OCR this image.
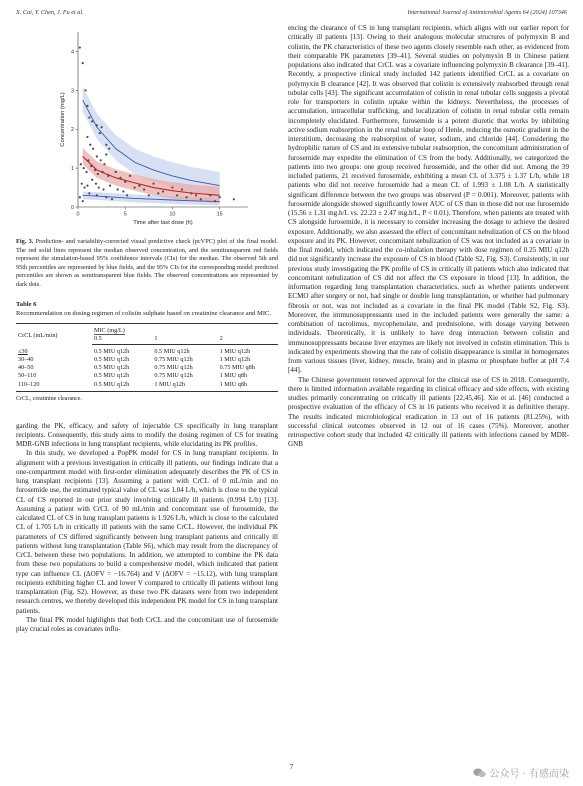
X. Cai, Y. Chen, J. Fu et al.	International Journal of Antimicrobial Agents 64 (2024) 107346
0
1
2
3
4
0	5	10	15
Time after last dose (h)
Concentration (mg/L)
Fig. 3. Prediction- and variability-corrected visual predictive check (pcVPC) plot of the final model. The red solid lines represent the median observed concentration, and the semitransparent red fields represent the simulation-based 95% confidence intervals (CIs) for the median. The observed 5th and 95th percentiles are represented by blue fields, and the 95% CIs for the corresponding model predicted percentiles are shown as semitransparent blue fields. The observed concentrations are represented by dark dots.
Table 6
Recommendation on dosing regimen of colistin sulphate based on creatinine clearance and MIC.
CrCL (mL/min)	MIC (mg/L)		
	0.5	1	2
≤30	0.5 MIU q12h	0.5 MIU q12h	1 MIU q12h
30–40	0.5 MIU q12h	0.75 MIU q12h	1 MIU q12h
40–50	0.5 MIU q12h	0.75 MIU q12h	0.75 MIU q8h
50–110	0.5 MIU q12h	0.75 MIU q12h	1 MIU q8h
110–120	0.5 MIU q12h	1 MIU q12h	1 MIU q8h
CrCL, creatinine clearance.

garding the PK, efficacy, and safety of injectable CS specifically in lung transplant recipients. Consequently, this study aims to modify the dosing regimen of CS for treating MDR-GNB infections in lung transplant recipients, while elucidating its PK profiles.

In this study, we developed a PopPK model for CS in lung transplant recipients. In alignment with a previous investigation in critically ill patients, our findings indicate that a one-compartment model with first-order elimination adequately describes the PK of CS in lung transplant recipients [13]. Assuming a patient with CrCL of 0 mL/min and no furosemide use, the estimated typical value of CL was 1.04 L/h, which is close to the typical CL of CS reported in our prior study involving critically ill patients (0.994 L/h) [13]. Assuming a patient with CrCL of 90 mL/min and concomitant use of furosemide, the calculated CL of CS in lung transplant patients is 1.926 L/h, which is close to the calculated CL of 1.705 L/h in critically ill patients with the same CrCL. However, the individual PK parameters of CS differed significantly between lung transplant patients and critically ill patients without lung transplantation (Table S6), which may result from the discrepancy of CrCL between these two populations. In addition, we attempted to combine the PK data from these two populations to build a comprehensive model, which indicated that patient type can influence CL (ΔOFV = −16.764) and V (ΔOFV = −15.12), with lung transplant recipients exhibiting higher CL and lower V compared to critically ill patients without lung transplantation (Fig. S2). However, as these two PK datasets were from two independent research centres, we thereby developed this independent PK model for CS in lung transplant patients.

The final PK model highlights that both CrCL and the concomitant use of furosemide play crucial roles as covariates influ-

encing the clearance of CS in lung transplant recipients, which aligns with our earlier report for critically ill patients [13]. Owing to their analogous molecular structures of polymyxin B and colistin, the PK characteristics of these two agents closely resemble each other, as evidenced from their comparable PK parameters [39–41]. Several studies on polymyxin B in Chinese patient populations also indicated that CrCL was a covariate influencing polymyxin B clearance [39–41]. Recently, a prospective clinical study included 142 patients identified CrCL as a covariate on polymyxin B clearance [42]. It was observed that colistin is extensively reabsorbed through renal tubular cells [43]. The significant accumulation of colistin in renal tubular cells suggests a pivotal role for transporters in colistin uptake within the kidneys. Nevertheless, the processes of accumulation, intracellular trafficking, and localization of colistin in renal tubular cells remain incompletely elucidated. Furthermore, furosemide is a potent diuretic that works by inhibiting active sodium reabsorption in the renal tubular loop of Henle, reducing the osmotic gradient in the interstitium, decreasing the reabsorption of water, sodium, and chloride [44]. Considering the hydrophilic nature of CS and its extensive tubular reabsorption, the concomitant administration of furosemide may expedite the elimination of CS from the body. Additionally, we categorized the patients into two groups: one group received furosemide, and the other did not. Among the 39 included patients, 21 received furosemide, exhibiting a mean CL of 3.375 ± 1.37 L/h, while 18 patients who did not receive furosemide had a mean CL of 1.993 ± 1.08 L/h. A statistically significant difference between the two groups was observed (P = 0.001). Moreover, patients with furosemide alongside showed significantly lower AUC of CS than in those did not use furosemide (15.56 ± 1.31 mg.h/L vs. 22.23 ± 2.47 mg.h/L, P < 0.01). Therefore, when patients are treated with CS alongside furosemide, it is necessary to consider increasing the dosage to achieve the desired exposure. Additionally, we also assessed the effect of concomitant nebulization of CS on the blood exposure and its PK. However, concomitant nebulization of CS was not included as a covariate in the final model, which indicated the co-inhalation therapy with dose regimen of 0.25 MIU q12h did not significantly increase the exposure of CS in blood (Table S2, Fig. S3). Consistently, in our previous study investigating the PK profile of CS in critically ill patients which also indicated that concomitant nebulization of CS did not affect the CS exposure in blood [13]. In addition, the information regarding lung transplantation characteristics, such as whether patients underwent ECMO after surgery or not, had single or double lung transplantation, or whether had pulmonary fibrosis or not, was not included as a covariate in the final PK model (Table S2, Fig. S3). Moreover, the immunosuppressants used in the included patients were generally the same: a combination of tacrolimus, mycophenolate, and prednisolone, with dosage varying between individuals. Theoretically, it is unlikely to have drug interaction between colistin and immunosuppressants because liver enzymes are likely not involved in colistin elimination. This is indicated by experiments showing that the rate of colistin disappearance is similar in homogenates from various tissues (liver, kidney, muscle, brain) and in plasma or phosphate buffer at pH 7.4 [44].

The Chinese government renewed approval for the clinical use of CS in 2018. Consequently, there is limited information available regarding its clinical efficacy and side effects, with existing studies primarily concentrating on critically ill patients [22,45,46]. Xie et al. [46] conducted a prospective evaluation of the efficacy of CS in 16 patients who received it as definitive therapy. The results indicated microbiological eradication in 13 out of 16 patients (81.25%), with successful clinical outcomes observed in 12 out of 16 cases (75%). Moreover, another retrospective cohort study that included 42 critically ill patients with infections caused by MDR-GNB

7
公众号 · 有感而染
